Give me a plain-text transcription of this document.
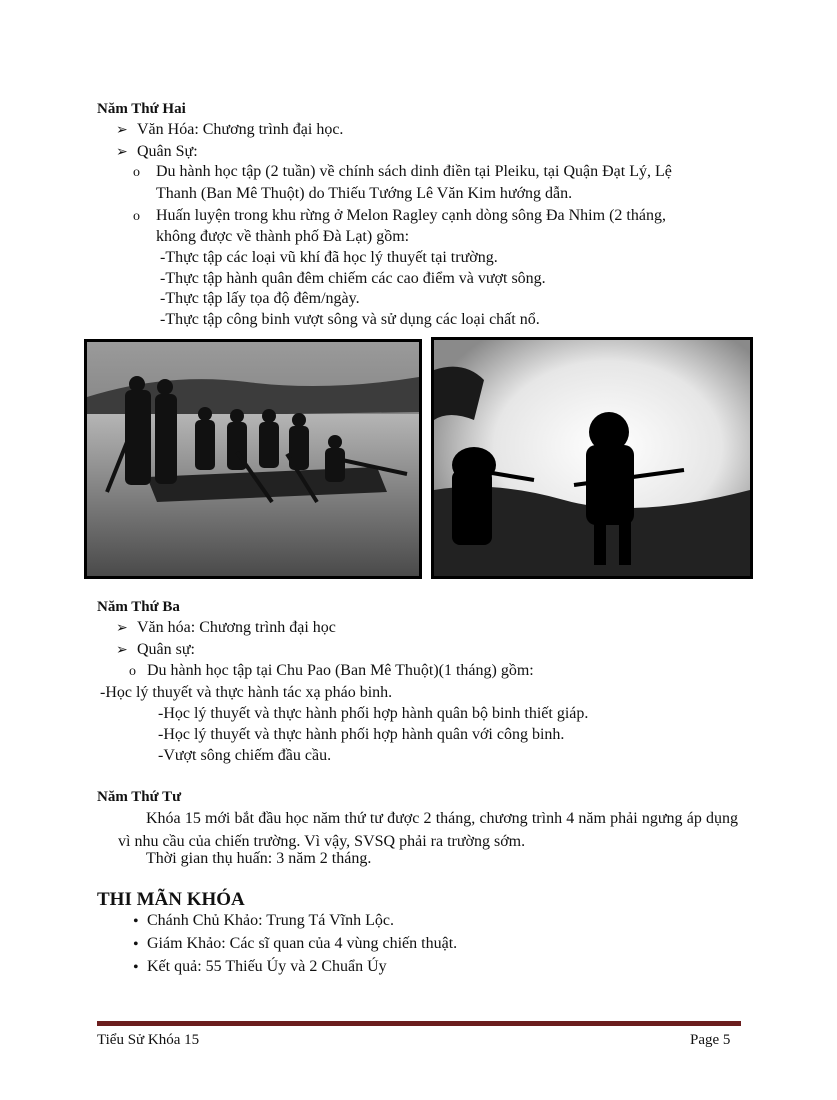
Năm Thứ Hai
➢ Văn Hóa: Chương trình đại học.
➢ Quân Sự:
o Du hành học tập (2 tuần) về chính sách dinh điền tại Pleiku, tại Quận Đạt Lý, Lệ
Thanh (Ban Mê Thuột) do Thiếu Tướng Lê Văn Kim hướng dẫn.
o Huấn luyện trong khu rừng ở Melon Ragley cạnh dòng sông Đa Nhim (2 tháng,
không được về thành phố Đà Lạt) gồm:
-Thực tập các loại vũ khí đã học lý thuyết tại trường.
-Thực tập hành quân đêm chiếm các cao điểm và vượt sông.
-Thực tập lấy tọa độ đêm/ngày.
-Thực tập công binh vượt sông và sử dụng các loại chất nổ.
Năm Thứ Ba
➢ Văn hóa: Chương trình đại học
➢ Quân sự:
o Du hành học tập tại Chu Pao (Ban Mê Thuột)(1 tháng) gồm:
-Học lý thuyết và thực hành tác xạ pháo binh.
-Học lý thuyết và thực hành phối hợp hành quân bộ binh thiết giáp.
-Học lý thuyết và thực hành phối hợp hành quân với công binh.
-Vượt sông chiếm đầu cầu.
Năm Thứ Tư
Khóa 15 mới bắt đầu học năm thứ tư được 2 tháng, chương trình 4 năm phải ngưng áp dụng vì nhu cầu của chiến trường. Vì vậy, SVSQ phải ra trường sớm.
Thời gian thụ huấn: 3 năm 2 tháng.
THI MÃN KHÓA
• Chánh Chủ Khảo: Trung Tá Vĩnh Lộc.
• Giám Khảo: Các sĩ quan của 4 vùng chiến thuật.
• Kết quả: 55 Thiếu Úy và 2 Chuẩn Úy
Tiểu Sử Khóa 15	Page 5
